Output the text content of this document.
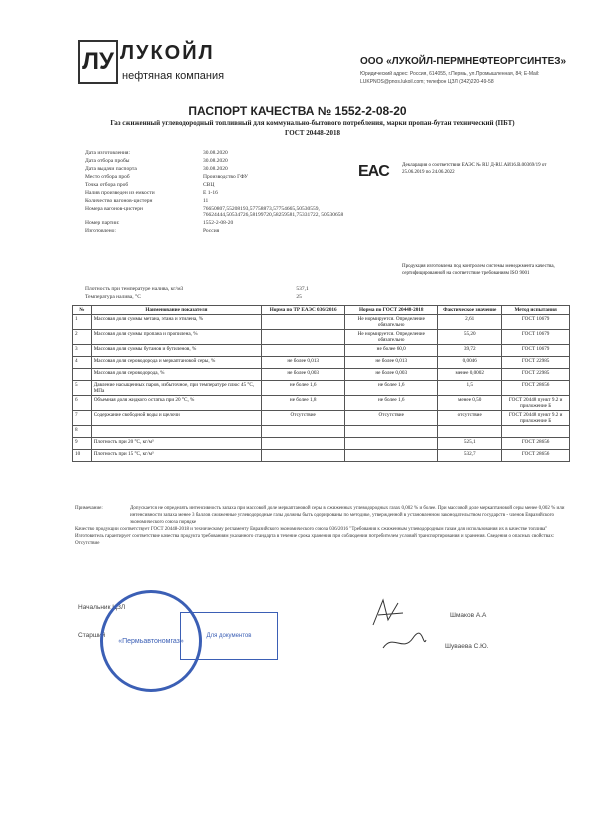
ЛУ ЛУКОЙЛ
нефтяная компания
ООО «ЛУКОЙЛ-ПЕРМНЕФТЕОРГСИНТЕЗ»
Юридический адрес: Россия, 614055, г.Пермь, ул.Промышленная, 84; E-Mail: LUKPNOS@pnos.lukoil.com; телефон ЦЗЛ (342)220-49-58
ПАСПОРТ КАЧЕСТВА № 1552-2-08-20
Газ сжиженный углеводородный топливный для коммунально-бытового потребления, марки пропан-бутан технический (ПБТ)
ГОСТ 20448-2018
Дата изготовления:	30.08.2020
Дата отбора пробы	30.08.2020
Дата выдачи паспорта	30.08.2020
Место отбора проб	Производство ГФУ
Точка отбора проб	СВЦ
Налив произведен из емкости	Е 1-16
Количество вагонов-цистерн	11
Номера вагонов-цистерн	76650807,55208193,57758873,57754665,50530559, 76624444,50534726,58199720,58259581,75331722, 50530658
Номер партии:	1552-2-08-20
Изготовлено:	Россия
EAC	Декларация о соответствии ЕАЭС № RU Д-RU.АИ16.В.00369/19 от 25.06.2019 по 24.06.2022
Продукция изготовлена под контролем системы менеджмента качества, сертифицированной на соответствие требованиям ISO 9001
Плотность при температуре налива, кг/м3	537,1
Температура налива, °С	25
№	Наименование показателя	Норма по ТР ЕАЭС 036/2016	Норма по ГОСТ 20448-2018	Фактическое значение	Метод испытания
1	Массовая доля суммы метана, этана и этилена, %		Не нормируется. Определение обязательно	2,61	ГОСТ 10679
2	Массовая доля суммы пропана и пропилена, %		Не нормируется. Определение обязательно	55,20	ГОСТ 10679
3	Массовая доля суммы бутанов и бутиленов, %		не более 60,0	39,72	ГОСТ 10679
4	Массовая доля сероводорода и меркаптановой серы, %	не более 0,013	не более 0,013	0,0046	ГОСТ 22985
	Массовая доля сероводорода, %	не более 0,003	не более 0,003	менее 0,0002	ГОСТ 22985
5	Давление насыщенных паров, избыточное, при температуре плюс 45 °С, МПа	не более 1,6	не более 1,6	1,5	ГОСТ 28656
6	Объемная доля жидкого остатка при 20 °С, %	не более 1,8	не более 1,6	менее 0,50	ГОСТ 20448 пункт 9.2 и приложение Б
7	Содержание свободной воды и щелочи	Отсутствие	Отсутствие	отсутствие	ГОСТ 20448 пункт 9.2 и приложение Б
8					
9	Плотность при 20 °С, кг/м³			525,1	ГОСТ 28656
10	Плотность при 15 °С, кг/м³			532,7	ГОСТ 28656
Примечание:	Допускается не определять интенсивность запаха при массовой доле меркаптановой серы в сжиженных углеводородных газах 0,002 % и более. При массовой доле меркаптановой серы менее 0,002 % или интенсивности запаха менее 3 баллов сжиженные углеводородные газы должны быть одорированы по методике, утвержденной в установленном законодательством государств - членов Евразийского экономического союза порядке
Качество продукции соответствует ГОСТ 20448-2018 и техническому регламенту Евразийского экономического союза 036/2016 "Требования к сжиженным углеводородным газам для использования их в качестве топлива"
Изготовитель гарантирует соответствие качества продукта требованиям указанного стандарта в течение срока хранения при соблюдении потребителем условий транспортирования и хранения. Сведения о опасных свойствах: Отсутствие
Начальник ЦЗЛ
Шмаков А.А
Старший
Шуваева С.Ю.
«Пермьавтономгаз»
Для документов
